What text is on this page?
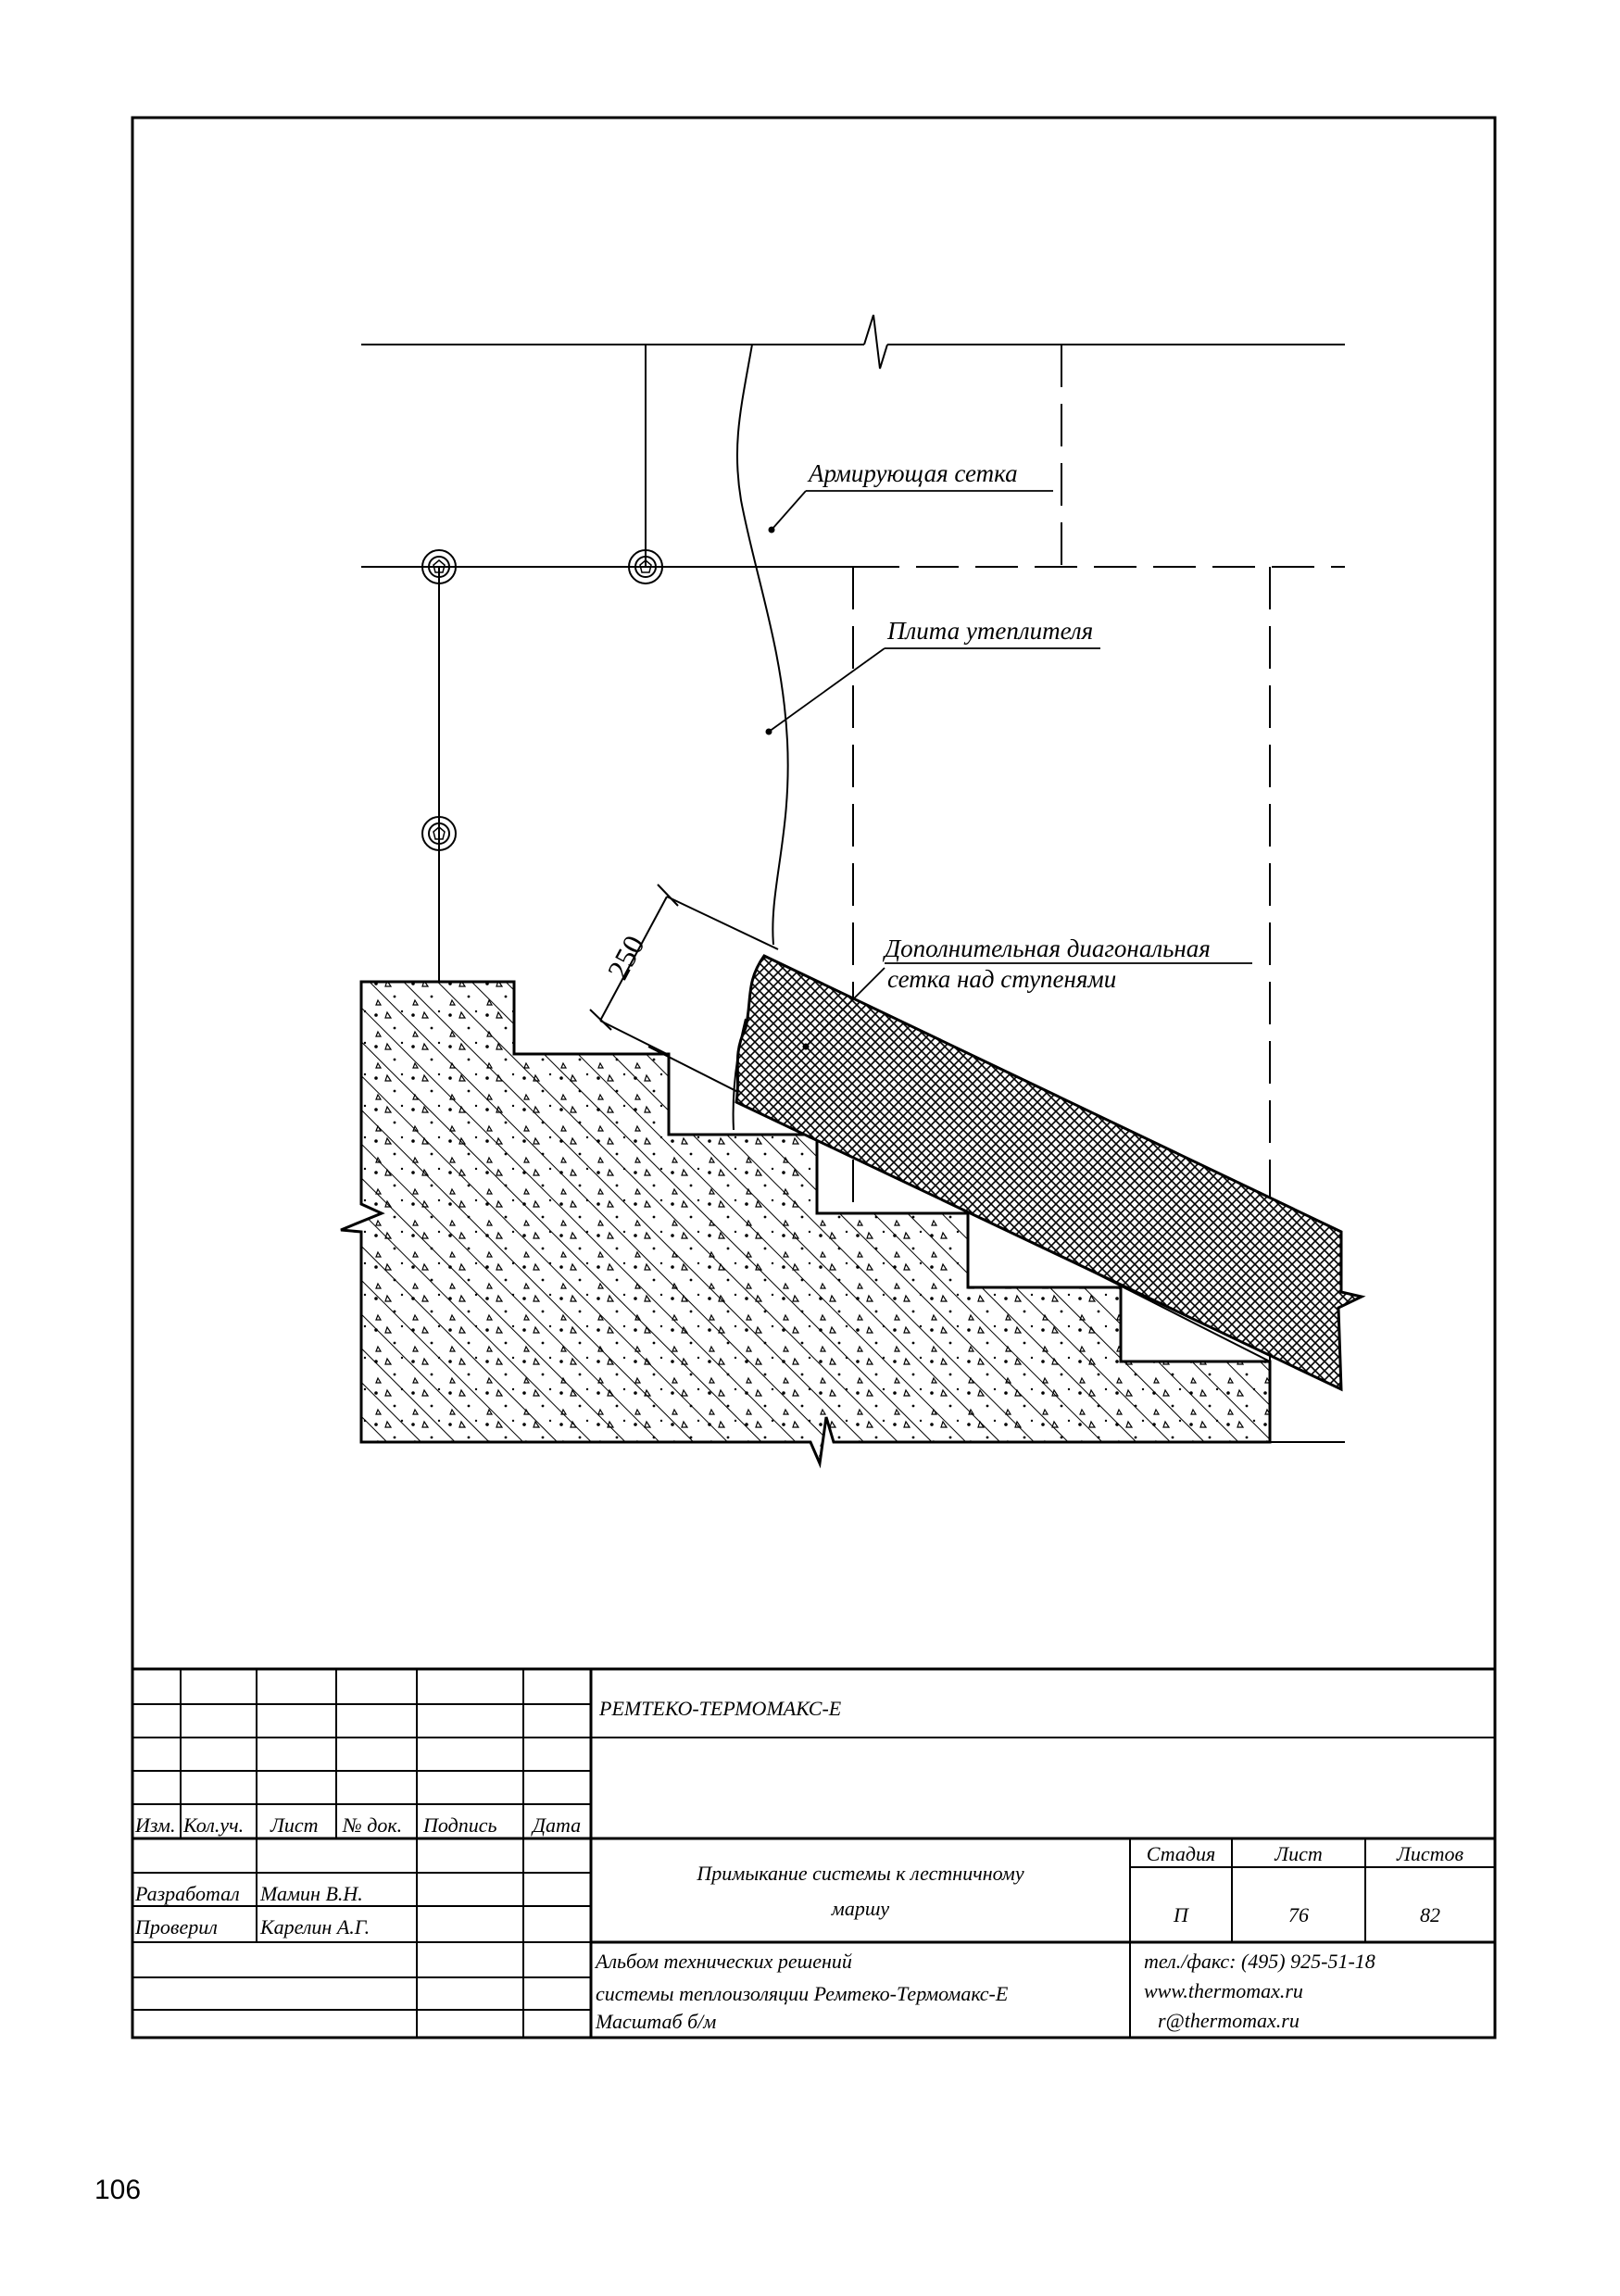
250
Армирующая сетка
Плита утеплителя
Дополнительная диагональная
сетка над ступенями
Изм. Кол.уч. Лист № док. Подпись Дата
Разработал Мамин В.Н.
Проверил Карелин А.Г.
РЕМТЕКО-ТЕРМОМАКС-Е
Примыкание системы к лестничному
маршу
Стадия	Лист	Листов
П	76	82
Альбом технических решений
системы теплоизоляции Ремтеко-Термомакс-Е
Масштаб б/м
тел./факс: (495) 925-51-18
www.thermomax.ru
r@thermomax.ru
106
